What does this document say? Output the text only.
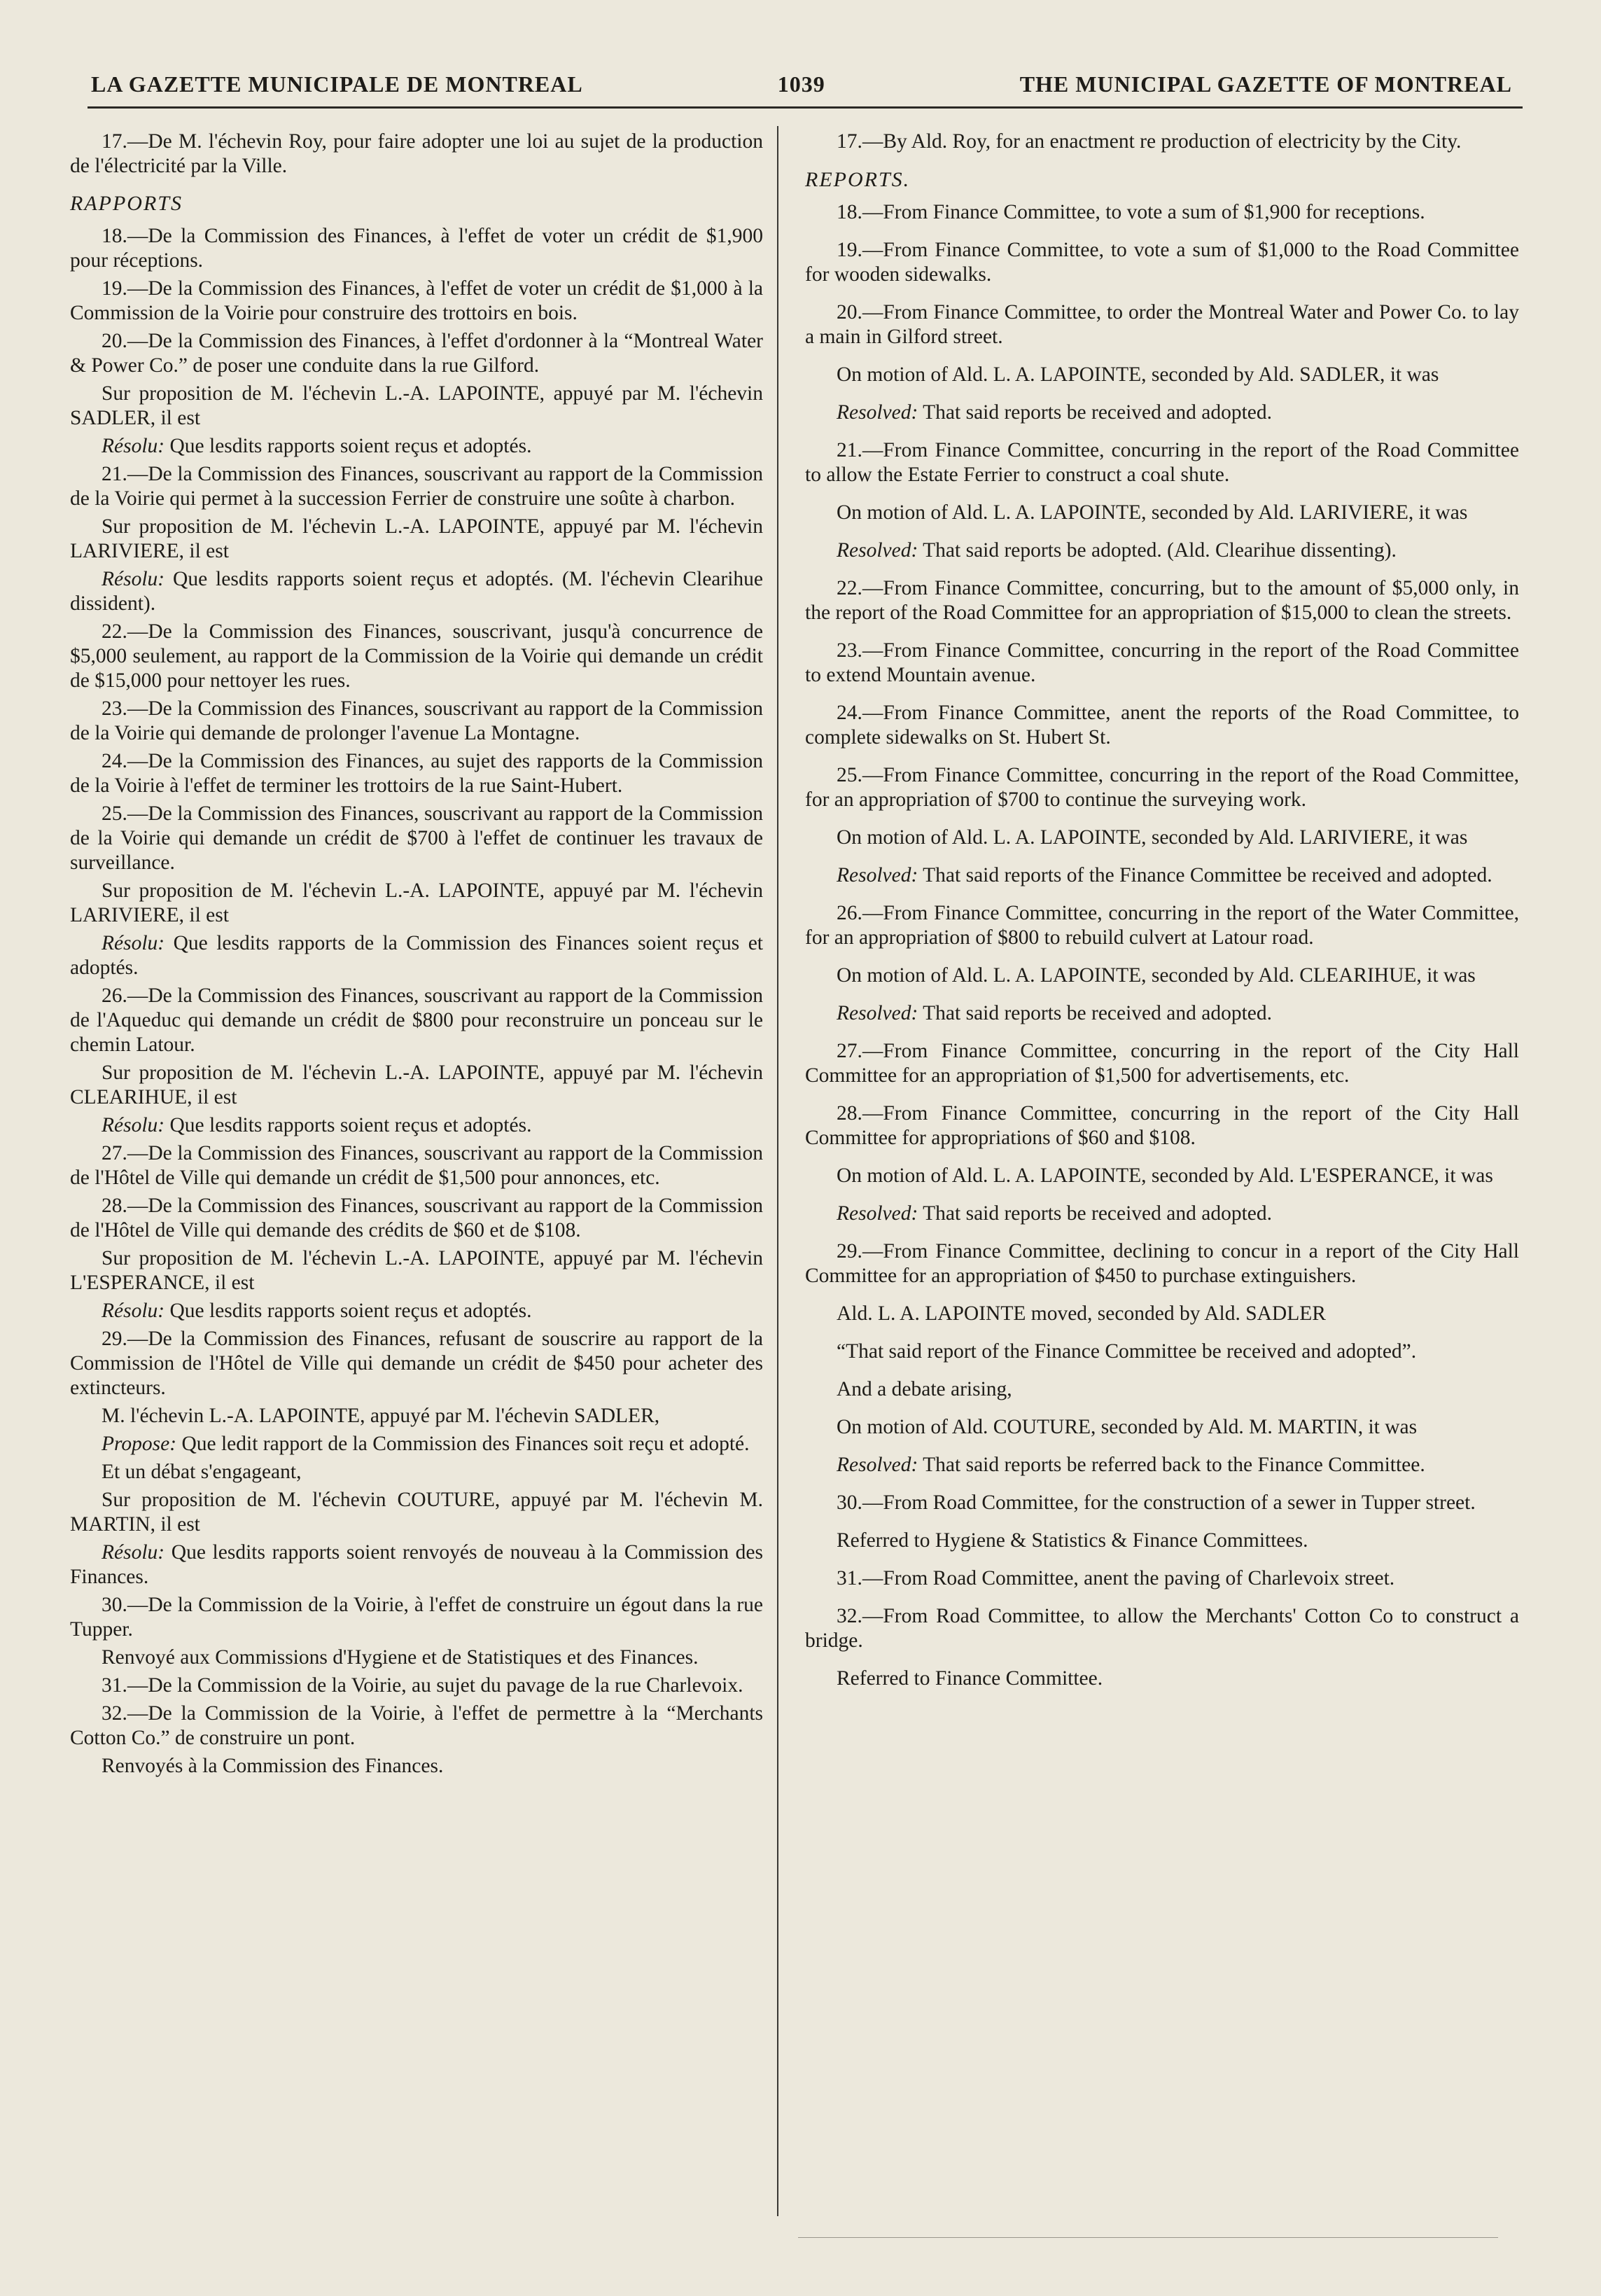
LA GAZETTE MUNICIPALE DE MONTREAL	1039	THE MUNICIPAL GAZETTE OF MONTREAL

17.—De M. l'échevin Roy, pour faire adopter une loi au sujet de la production de l'électricité par la Ville.

RAPPORTS

18.—De la Commission des Finances, à l'effet de voter un crédit de $1,900 pour réceptions.

19.—De la Commission des Finances, à l'effet de voter un crédit de $1,000 à la Commission de la Voirie pour construire des trottoirs en bois.

20.—De la Commission des Finances, à l'effet d'ordonner à la “Montreal Water & Power Co.” de poser une conduite dans la rue Gilford.

Sur proposition de M. l'échevin L.-A. LAPOINTE, appuyé par M. l'échevin SADLER, il est

Résolu: Que lesdits rapports soient reçus et adoptés.

21.—De la Commission des Finances, souscrivant au rapport de la Commission de la Voirie qui permet à la succession Ferrier de construire une soûte à charbon.

Sur proposition de M. l'échevin L.-A. LAPOINTE, appuyé par M. l'échevin LARIVIERE, il est

Résolu: Que lesdits rapports soient reçus et adoptés. (M. l'échevin Clearihue dissident).

22.—De la Commission des Finances, souscrivant, jusqu'à concurrence de $5,000 seulement, au rapport de la Commission de la Voirie qui demande un crédit de $15,000 pour nettoyer les rues.

23.—De la Commission des Finances, souscrivant au rapport de la Commission de la Voirie qui demande de prolonger l'avenue La Montagne.

24.—De la Commission des Finances, au sujet des rapports de la Commission de la Voirie à l'effet de terminer les trottoirs de la rue Saint-Hubert.

25.—De la Commission des Finances, souscrivant au rapport de la Commission de la Voirie qui demande un crédit de $700 à l'effet de continuer les travaux de surveillance.

Sur proposition de M. l'échevin L.-A. LAPOINTE, appuyé par M. l'échevin LARIVIERE, il est

Résolu: Que lesdits rapports de la Commission des Finances soient reçus et adoptés.

26.—De la Commission des Finances, souscrivant au rapport de la Commission de l'Aqueduc qui demande un crédit de $800 pour reconstruire un ponceau sur le chemin Latour.

Sur proposition de M. l'échevin L.-A. LAPOINTE, appuyé par M. l'échevin CLEARIHUE, il est

Résolu: Que lesdits rapports soient reçus et adoptés.

27.—De la Commission des Finances, souscrivant au rapport de la Commission de l'Hôtel de Ville qui demande un crédit de $1,500 pour annonces, etc.

28.—De la Commission des Finances, souscrivant au rapport de la Commission de l'Hôtel de Ville qui demande des crédits de $60 et de $108.

Sur proposition de M. l'échevin L.-A. LAPOINTE, appuyé par M. l'échevin L'ESPERANCE, il est

Résolu: Que lesdits rapports soient reçus et adoptés.

29.—De la Commission des Finances, refusant de souscrire au rapport de la Commission de l'Hôtel de Ville qui demande un crédit de $450 pour acheter des extincteurs.

M. l'échevin L.-A. LAPOINTE, appuyé par M. l'échevin SADLER,

Propose: Que ledit rapport de la Commission des Finances soit reçu et adopté.

Et un débat s'engageant,

Sur proposition de M. l'échevin COUTURE, appuyé par M. l'échevin M. MARTIN, il est

Résolu: Que lesdits rapports soient renvoyés de nouveau à la Commission des Finances.

30.—De la Commission de la Voirie, à l'effet de construire un égout dans la rue Tupper.

Renvoyé aux Commissions d'Hygiene et de Statistiques et des Finances.

31.—De la Commission de la Voirie, au sujet du pavage de la rue Charlevoix.

32.—De la Commission de la Voirie, à l'effet de permettre à la “Merchants Cotton Co.” de construire un pont.

Renvoyés à la Commission des Finances.

17.—By Ald. Roy, for an enactment re production of electricity by the City.

REPORTS.

18.—From Finance Committee, to vote a sum of $1,900 for receptions.

19.—From Finance Committee, to vote a sum of $1,000 to the Road Committee for wooden sidewalks.

20.—From Finance Committee, to order the Montreal Water and Power Co. to lay a main in Gilford street.

On motion of Ald. L. A. LAPOINTE, seconded by Ald. SADLER, it was

Resolved: That said reports be received and adopted.

21.—From Finance Committee, concurring in the report of the Road Committee to allow the Estate Ferrier to construct a coal shute.

On motion of Ald. L. A. LAPOINTE, seconded by Ald. LARIVIERE, it was

Resolved: That said reports be adopted. (Ald. Clearihue dissenting).

22.—From Finance Committee, concurring, but to the amount of $5,000 only, in the report of the Road Committee for an appropriation of $15,000 to clean the streets.

23.—From Finance Committee, concurring in the report of the Road Committee to extend Mountain avenue.

24.—From Finance Committee, anent the reports of the Road Committee, to complete sidewalks on St. Hubert St.

25.—From Finance Committee, concurring in the report of the Road Committee, for an appropriation of $700 to continue the surveying work.

On motion of Ald. L. A. LAPOINTE, seconded by Ald. LARIVIERE, it was

Resolved: That said reports of the Finance Committee be received and adopted.

26.—From Finance Committee, concurring in the report of the Water Committee, for an appropriation of $800 to rebuild culvert at Latour road.

On motion of Ald. L. A. LAPOINTE, seconded by Ald. CLEARIHUE, it was

Resolved: That said reports be received and adopted.

27.—From Finance Committee, concurring in the report of the City Hall Committee for an appropriation of $1,500 for advertisements, etc.

28.—From Finance Committee, concurring in the report of the City Hall Committee for appropriations of $60 and $108.

On motion of Ald. L. A. LAPOINTE, seconded by Ald. L'ESPERANCE, it was

Resolved: That said reports be received and adopted.

29.—From Finance Committee, declining to concur in a report of the City Hall Committee for an appropriation of $450 to purchase extinguishers.

Ald. L. A. LAPOINTE moved, seconded by Ald. SADLER

“That said report of the Finance Committee be received and adopted”.

And a debate arising,

On motion of Ald. COUTURE, seconded by Ald. M. MARTIN, it was

Resolved: That said reports be referred back to the Finance Committee.

30.—From Road Committee, for the construction of a sewer in Tupper street.

Referred to Hygiene & Statistics & Finance Committees.

31.—From Road Committee, anent the paving of Charlevoix street.

32.—From Road Committee, to allow the Merchants' Cotton Co to construct a bridge.

Referred to Finance Committee.
